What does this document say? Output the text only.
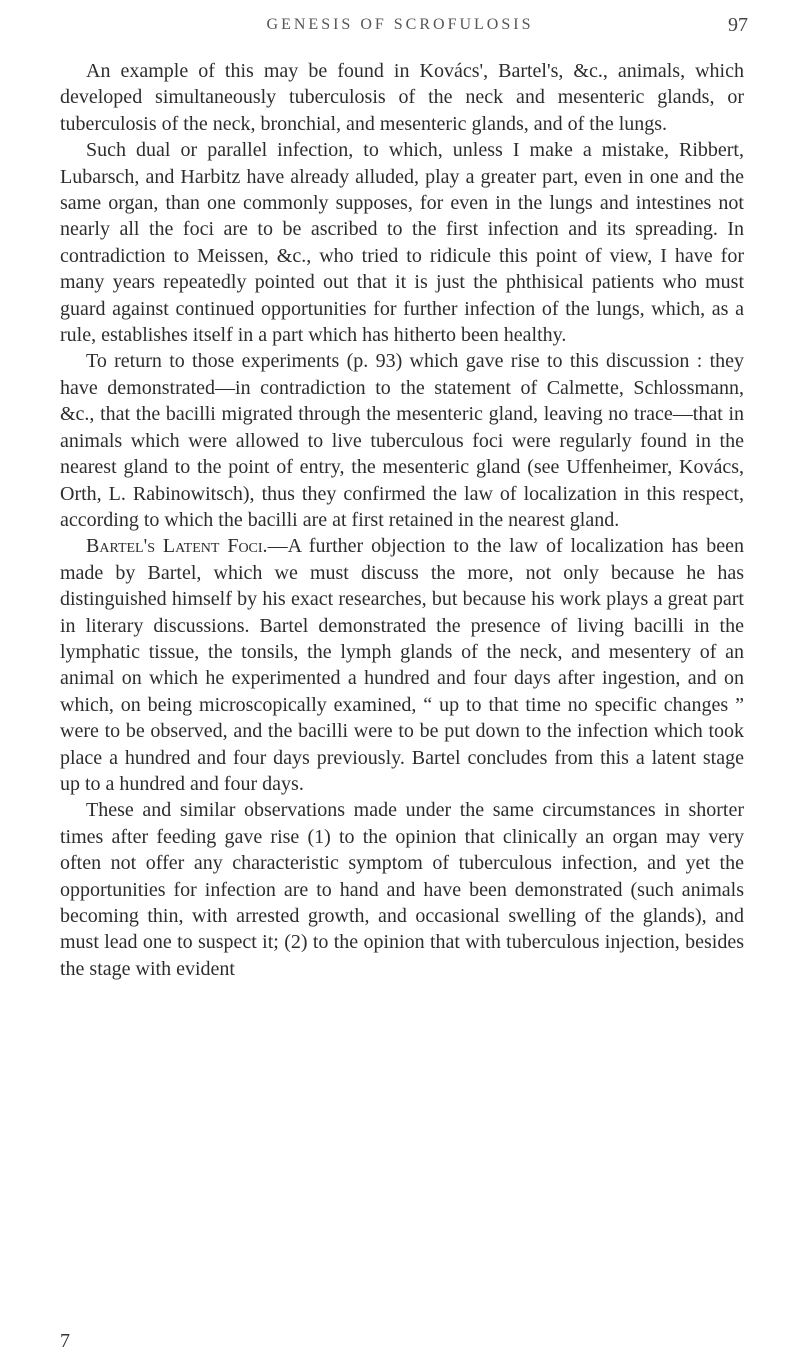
GENESIS OF SCROFULOSIS	97

An example of this may be found in Kovács', Bartel's, &c., animals, which developed simultaneously tuberculosis of the neck and mesenteric glands, or tuberculosis of the neck, bronchial, and mesenteric glands, and of the lungs.

Such dual or parallel infection, to which, unless I make a mistake, Ribbert, Lubarsch, and Harbitz have already alluded, play a greater part, even in one and the same organ, than one commonly supposes, for even in the lungs and intestines not nearly all the foci are to be ascribed to the first infection and its spreading. In contradiction to Meissen, &c., who tried to ridicule this point of view, I have for many years repeatedly pointed out that it is just the phthisical patients who must guard against continued opportunities for further infection of the lungs, which, as a rule, establishes itself in a part which has hitherto been healthy.

To return to those experiments (p. 93) which gave rise to this discussion : they have demonstrated—in contradiction to the statement of Calmette, Schlossmann, &c., that the bacilli migrated through the mesenteric gland, leaving no trace—that in animals which were allowed to live tuberculous foci were regularly found in the nearest gland to the point of entry, the mesenteric gland (see Uffenheimer, Kovács, Orth, L. Rabinowitsch), thus they confirmed the law of localization in this respect, according to which the bacilli are at first retained in the nearest gland.

Bartel's Latent Foci.—A further objection to the law of localization has been made by Bartel, which we must discuss the more, not only because he has distinguished himself by his exact researches, but because his work plays a great part in literary discussions. Bartel demonstrated the presence of living bacilli in the lymphatic tissue, the tonsils, the lymph glands of the neck, and mesentery of an animal on which he experimented a hundred and four days after ingestion, and on which, on being microscopically examined, “ up to that time no specific changes ” were to be observed, and the bacilli were to be put down to the infection which took place a hundred and four days previously. Bartel concludes from this a latent stage up to a hundred and four days.

These and similar observations made under the same circumstances in shorter times after feeding gave rise (1) to the opinion that clinically an organ may very often not offer any characteristic symptom of tuberculous infection, and yet the opportunities for infection are to hand and have been demonstrated (such animals becoming thin, with arrested growth, and occasional swelling of the glands), and must lead one to suspect it; (2) to the opinion that with tuberculous injection, besides the stage with evident

7
